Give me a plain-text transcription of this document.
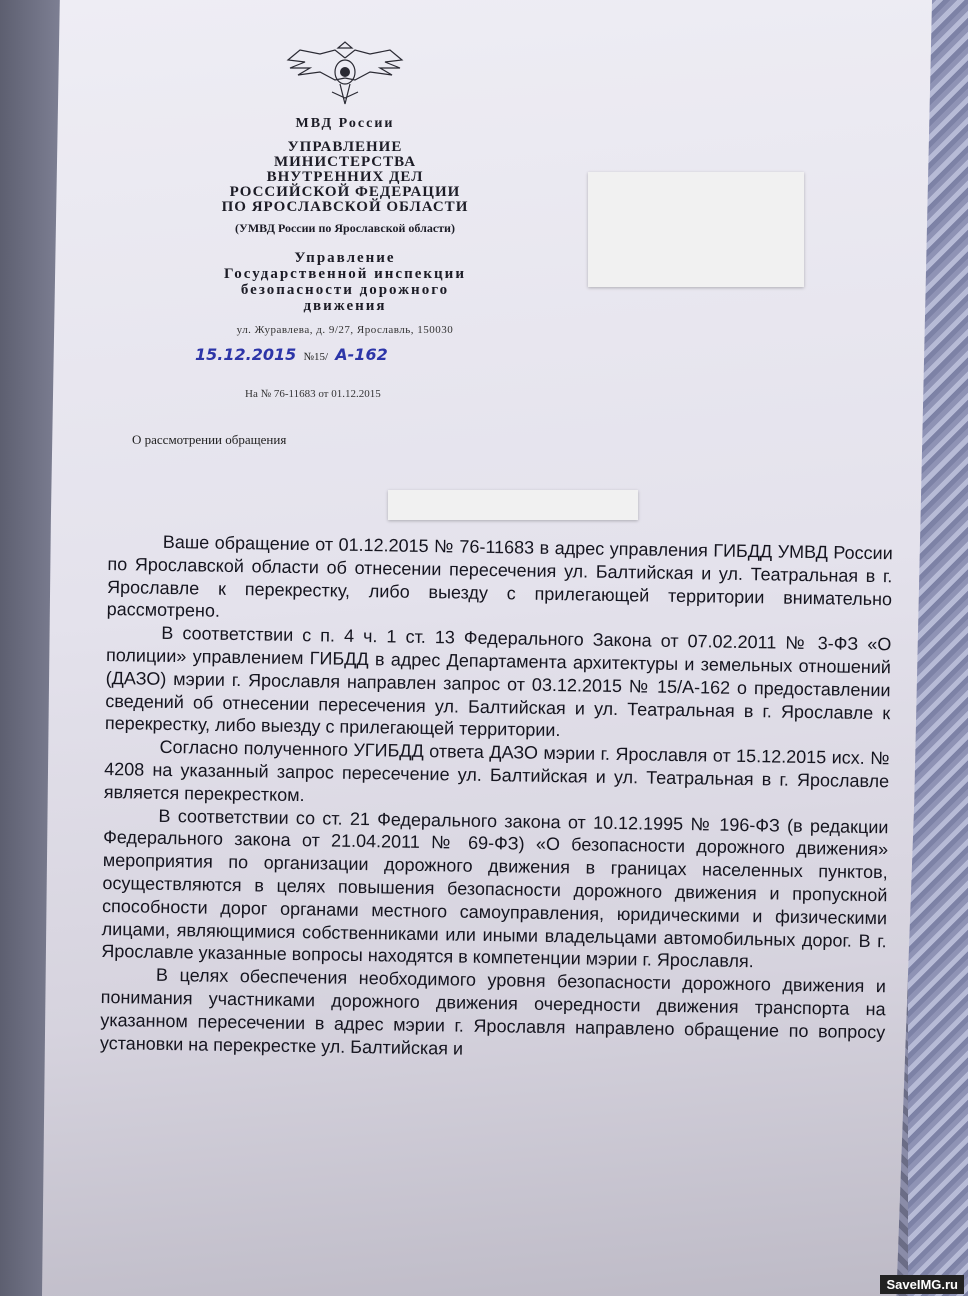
МВД России
УПРАВЛЕНИЕ
МИНИСТЕРСТВА
ВНУТРЕННИХ ДЕЛ
РОССИЙСКОЙ ФЕДЕРАЦИИ
ПО ЯРОСЛАВСКОЙ ОБЛАСТИ
(УМВД России по Ярославской области)
Управление
Государственной инспекции
безопасности дорожного
движения
ул. Журавлева, д. 9/27, Ярославль, 150030
15.12.2015 №15/ А-162
На № 76-11683 от 01.12.2015
О рассмотрении обращения

Ваше обращение от 01.12.2015 № 76-11683 в адрес управления ГИБДД УМВД России по Ярославской области об отнесении пересечения ул. Балтийская и ул. Театральная в г. Ярославле к перекрестку, либо выезду с прилегающей территории внимательно рассмотрено.

В соответствии с п. 4 ч. 1 ст. 13 Федерального Закона от 07.02.2011 № 3-ФЗ «О полиции» управлением ГИБДД в адрес Департамента архитектуры и земельных отношений (ДАЗО) мэрии г. Ярославля направлен запрос от 03.12.2015 № 15/А-162 о предоставлении сведений об отнесении пересечения ул. Балтийская и ул. Театральная в г. Ярославле к перекрестку, либо выезду с прилегающей территории.

Согласно полученного УГИБДД ответа ДАЗО мэрии г. Ярославля от 15.12.2015 исх. № 4208 на указанный запрос пересечение ул. Балтийская и ул. Театральная в г. Ярославле является перекрестком.

В соответствии со ст. 21 Федерального закона от 10.12.1995 № 196-ФЗ (в редакции Федерального закона от 21.04.2011 № 69-ФЗ) «О безопасности дорожного движения» мероприятия по организации дорожного движения в границах населенных пунктов, осуществляются в целях повышения безопасности дорожного движения и пропускной способности дорог органами местного самоуправления, юридическими и физическими лицами, являющимися собственниками или иными владельцами автомобильных дорог. В г. Ярославле указанные вопросы находятся в компетенции мэрии г. Ярославля.

В целях обеспечения необходимого уровня безопасности дорожного движения и понимания участниками дорожного движения очередности движения транспорта на указанном пересечении в адрес мэрии г. Ярославля направлено обращение по вопросу установки на перекрестке ул. Балтийская и

SaveIMG.ru
